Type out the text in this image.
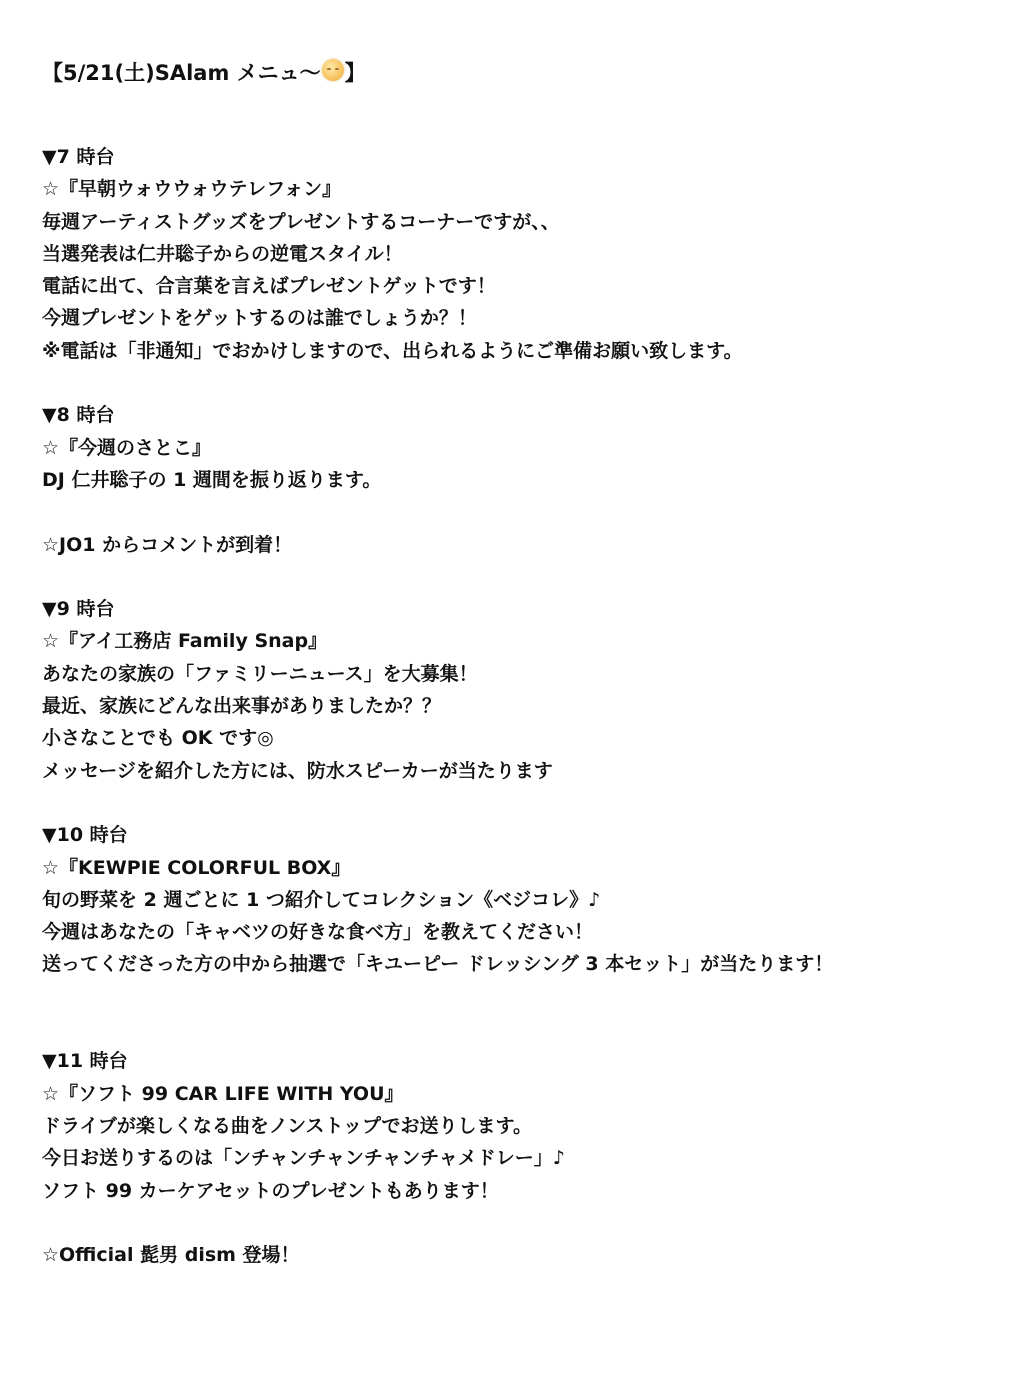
【5/21(土)SAlam メニュ～ 】
▼7 時台
☆『早朝ウォウウォウテレフォン』
毎週アーティストグッズをプレゼントするコーナーですが、、
当選発表は仁井聡子からの逆電スタイル！
電話に出て、合言葉を言えばプレゼントゲットです！
今週プレゼントをゲットするのは誰でしょうか？！
※電話は「非通知」でおかけしますので、出られるようにご準備お願い致します。
▼8 時台
☆『今週のさとこ』
DJ 仁井聡子の 1 週間を振り返ります。
☆JO1 からコメントが到着！
▼9 時台
☆『アイ工務店 Family Snap』
あなたの家族の「ファミリーニュース」を大募集！
最近、家族にどんな出来事がありましたか？？
小さなことでも OK です◎
メッセージを紹介した方には、防水スピーカーが当たります
▼10 時台
☆『KEWPIE COLORFUL BOX』
旬の野菜を 2 週ごとに 1 つ紹介してコレクション《ベジコレ》♪
今週はあなたの「キャベツの好きな食べ方」を教えてください！
送ってくださった方の中から抽選で「キユーピー ドレッシング 3 本セット」が当たります！
▼11 時台
☆『ソフト 99 CAR LIFE WITH YOU』
ドライブが楽しくなる曲をノンストップでお送りします。
今日お送りするのは「ンチャンチャンチャンチャメドレー」♪
ソフト 99 カーケアセットのプレゼントもあります！
☆Official 髭男 dism 登場！
